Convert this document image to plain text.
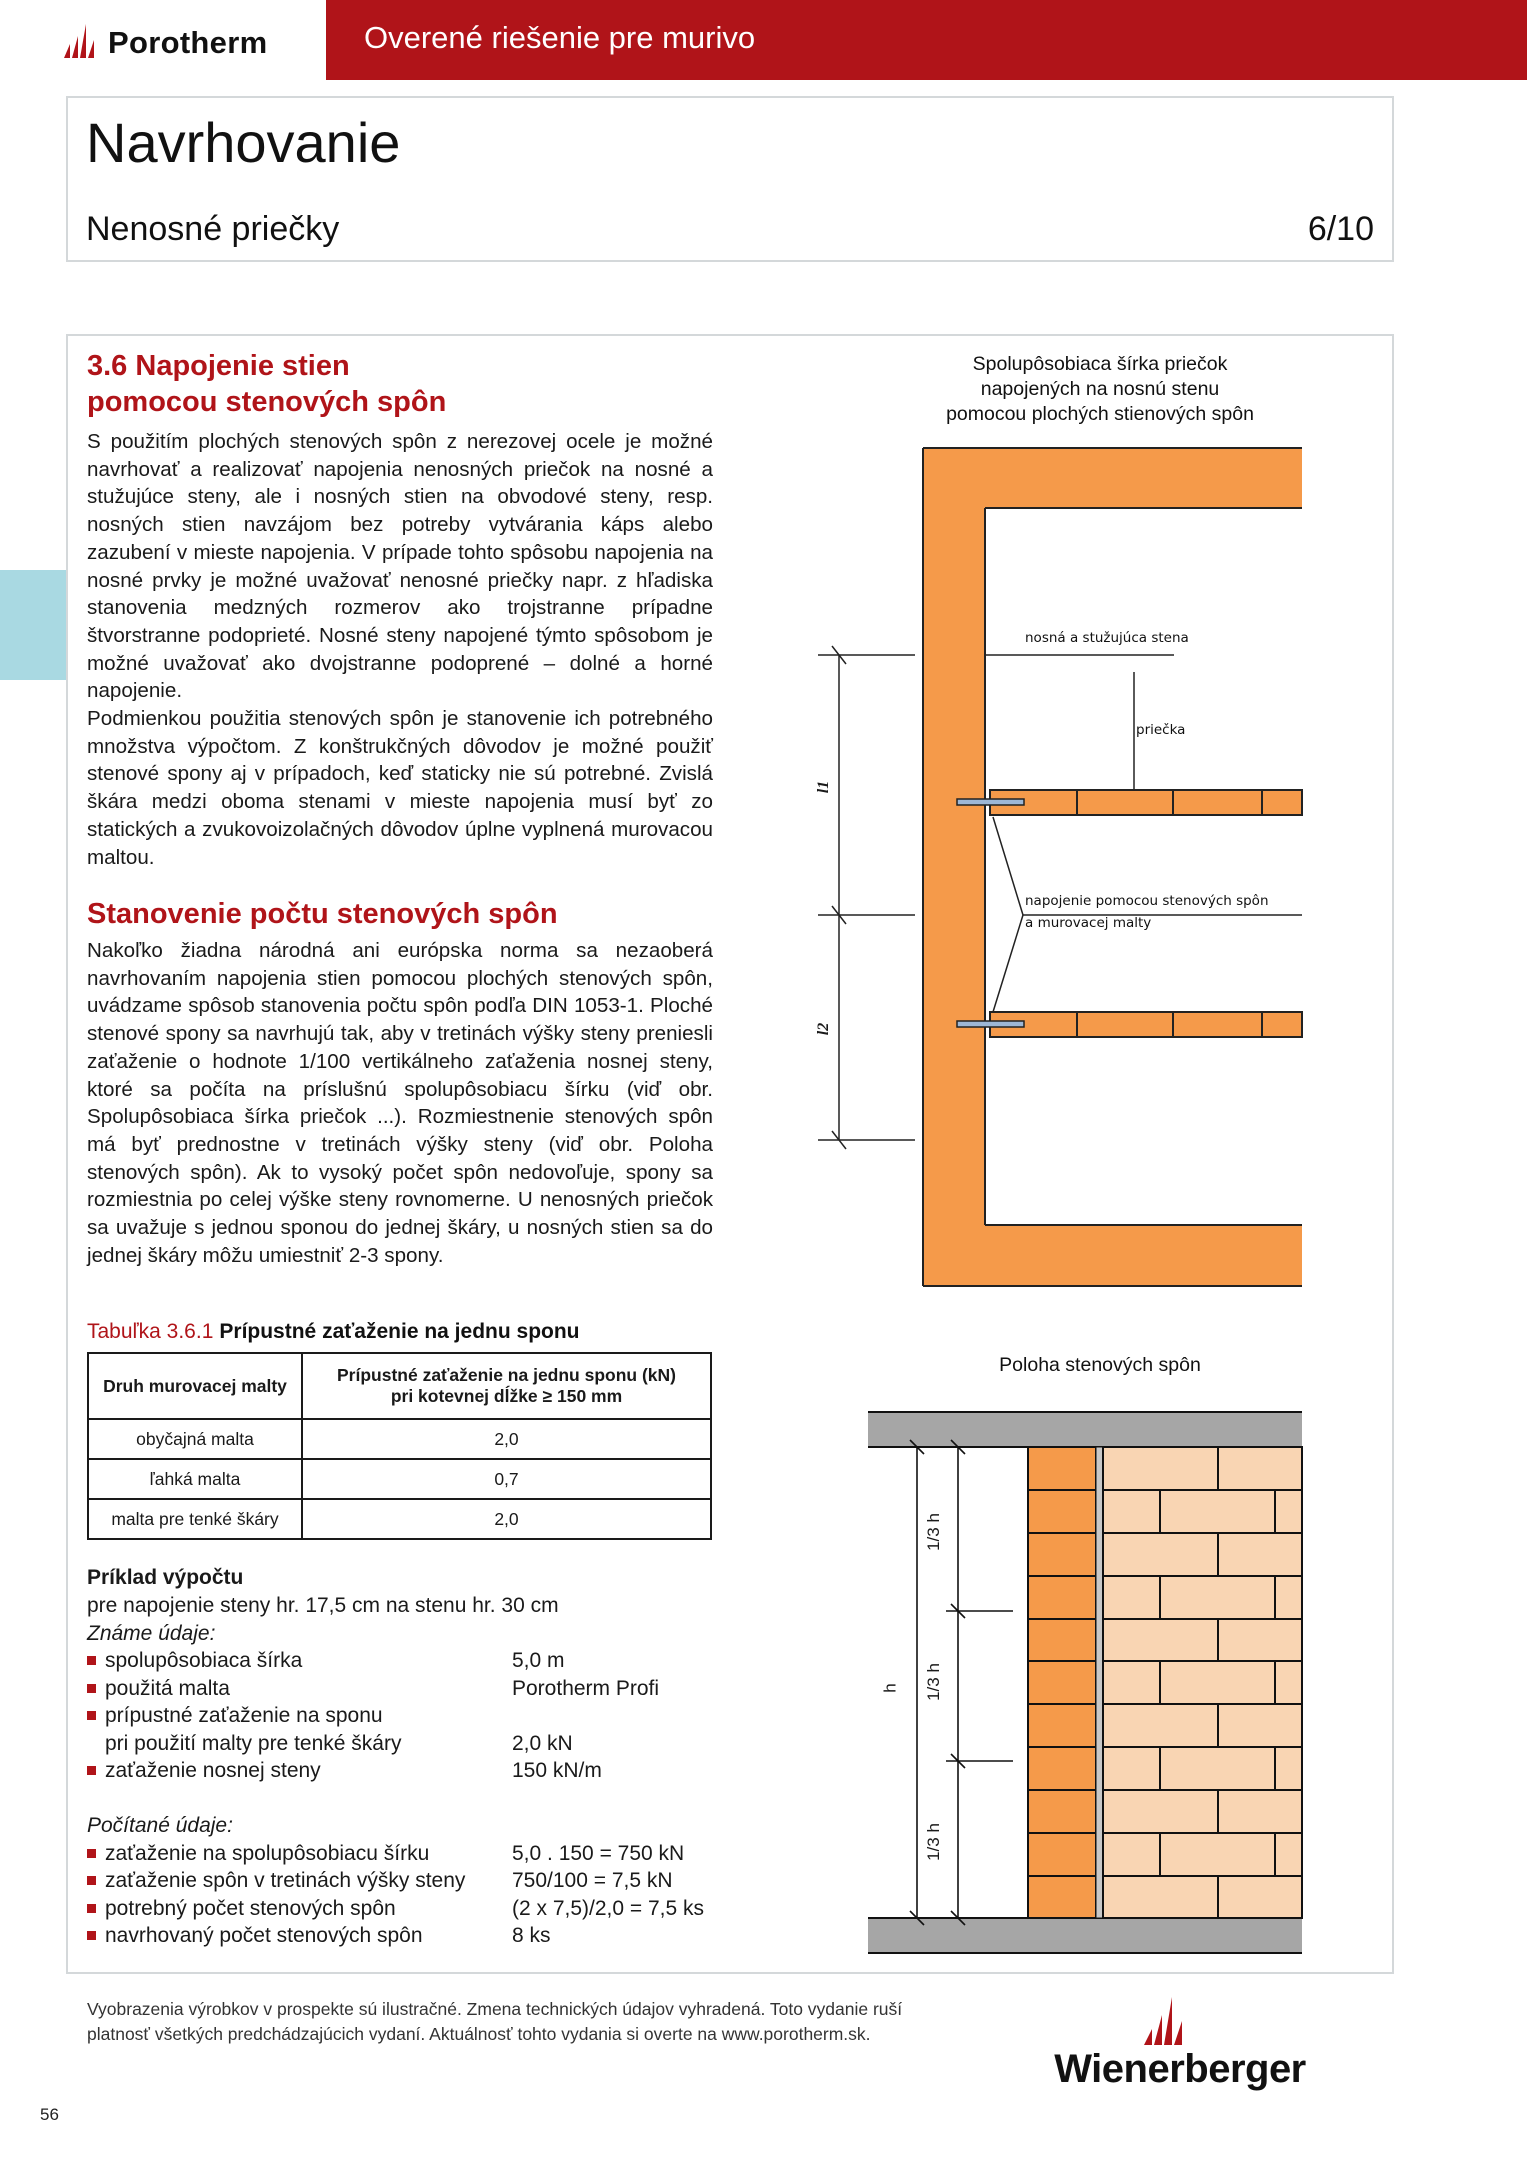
Porotherm	Overené riešenie pre murivo
Navrhovanie
Nenosné priečky	6/10
3.6 Napojenie stien
pomocou stenových spôn

S použitím plochých stenových spôn z nerezovej ocele je možné navrhovať a realizovať napojenia nenosných priečok na nosné a stužujúce steny, ale i nosných stien na obvodové steny, resp. nosných stien navzájom bez potreby vytvárania káps alebo zazubení v mieste napojenia. V prípade tohto spôsobu napojenia na nosné prvky je možné uvažovať nenosné priečky napr. z hľadiska stanovenia medzných rozmerov ako trojstranne prípadne štvorstranne podoprieté. Nosné steny napojené týmto spôsobom je možné uvažovať ako dvojstranne podoprené – dolné a horné napojenie.

Podmienkou použitia stenových spôn je stanovenie ich potrebného množstva výpočtom. Z konštrukčných dôvodov je možné použiť stenové spony aj v prípadoch, keď staticky nie sú potrebné. Zvislá škára medzi oboma stenami v mieste napojenia musí byť zo statických a zvukovoizolačných dôvodov úplne vyplnená murovacou maltou.

Stanovenie počtu stenových spôn
Nakoľko žiadna národná ani európska norma sa nezaoberá navrhovaním napojenia stien pomocou plochých stenových spôn, uvádzame spôsob stanovenia počtu spôn podľa DIN 1053-1. Ploché stenové spony sa navrhujú tak, aby v tretinách výšky steny preniesli zaťaženie o hodnote 1/100 vertikálneho zaťaženia nosnej steny, ktoré sa počíta na príslušnú spolupôsobiacu šírku (viď obr. Spolupôsobiaca šírka priečok ...). Rozmiestnenie stenových spôn má byť prednostne v tretinách výšky steny (viď obr. Poloha stenových spôn). Ak to vysoký počet spôn nedovoľuje, spony sa rozmiestnia po celej výške steny rovnomerne. U nenosných priečok sa uvažuje s jednou sponou do jednej škáry, u nosných stien sa do jednej škáry môžu umiestniť 2-3 spony.
Tabuľka 3.6.1 Prípustné zaťaženie na jednu sponu
Druh murovacej malty	Prípustné zaťaženie na jednu sponu (kN)
pri kotevnej dĺžke ≥ 150 mm

obyčajná malta	2,0
ľahká malta	0,7
malta pre tenké škáry	2,0
Príklad výpočtu
pre napojenie steny hr. 17,5 cm na stenu hr. 30 cm
Známe údaje:
spolupôsobiaca šírka	5,0 m
použitá malta	Porotherm Profi
prípustné zaťaženie na sponu
pri použití malty pre tenké škáry	2,0 kN
zaťaženie nosnej steny	150 kN/m
Počítané údaje:
zaťaženie na spolupôsobiacu šírku	5,0 . 150 = 750 kN
zaťaženie spôn v tretinách výšky steny 750/100 = 7,5 kN
potrebný počet stenových spôn	(2 x 7,5)/2,0 = 7,5 ks
navrhovaný počet stenových spôn	8 ks
Spolupôsobiaca šírka priečok
napojených na nosnú stenu
pomocou plochých stienových spôn
nosná a stužujúca stena
priečka
napojenie pomocou stenových spôn
a murovacej malty
l1
l2
Poloha stenových spôn
h
1/3 h
1/3 h
1/3 h
Vyobrazenia výrobkov v prospekte sú ilustračné. Zmena technických údajov vyhradená. Toto vydanie ruší platnosť všetkých predchádzajúcich vydaní. Aktuálnosť tohto vydania si overte na www.porotherm.sk.
Wienerberger
56
